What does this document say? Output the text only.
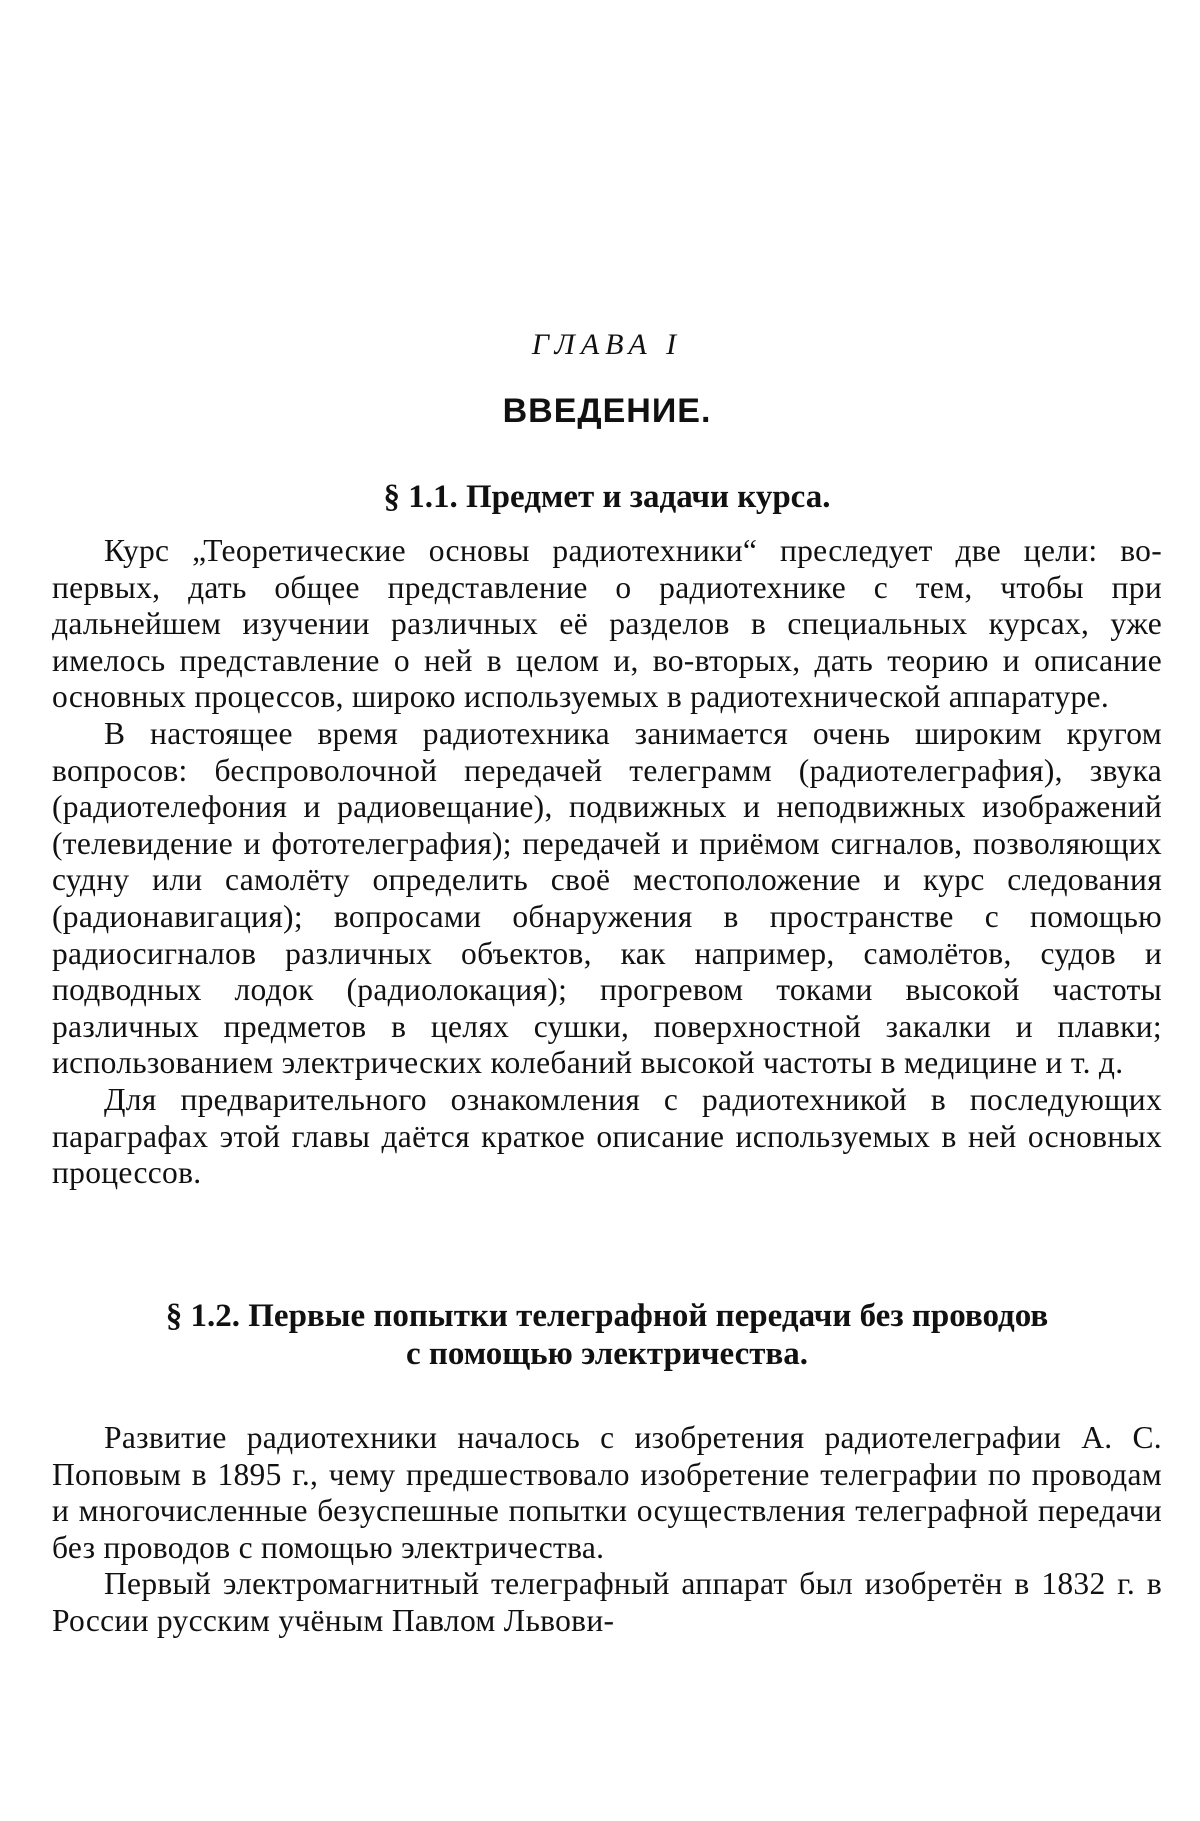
ГЛАВА I
ВВЕДЕНИЕ.
§ 1.1. Предмет и задачи курса.

Курс „Теоретические основы радиотехники“ преследует две цели: во-первых, дать общее представление о радиотехнике с тем, чтобы при дальнейшем изучении различных её разделов в специальных курсах, уже имелось представление о ней в целом и, во-вторых, дать теорию и описание основных процессов, широко используемых в радиотехнической аппаратуре.

В настоящее время радиотехника занимается очень широким кругом вопросов: беспроволочной передачей телеграмм (радиотелеграфия), звука (радиотелефония и радиовещание), подвижных и неподвижных изображений (телевидение и фототелеграфия); передачей и приёмом сигналов, позволяющих судну или самолёту определить своё местоположение и курс следования (радионавигация); вопросами обнаружения в пространстве с помощью радиосигналов различных объектов, как например, самолётов, судов и подводных лодок (радиолокация); прогревом токами высокой частоты различных предметов в целях сушки, поверхностной закалки и плавки; использованием электрических колебаний высокой частоты в медицине и т. д.

Для предварительного ознакомления с радиотехникой в последующих параграфах этой главы даётся краткое описание используемых в ней основных процессов.

§ 1.2. Первые попытки телеграфной передачи без проводов
с помощью электричества.

Развитие радиотехники началось с изобретения радиотелеграфии А. С. Поповым в 1895 г., чему предшествовало изобретение телеграфии по проводам и многочисленные безуспешные попытки осуществления телеграфной передачи без проводов с помощью электричества.

Первый электромагнитный телеграфный аппарат был изобретён в 1832 г. в России русским учёным Павлом Львови-
